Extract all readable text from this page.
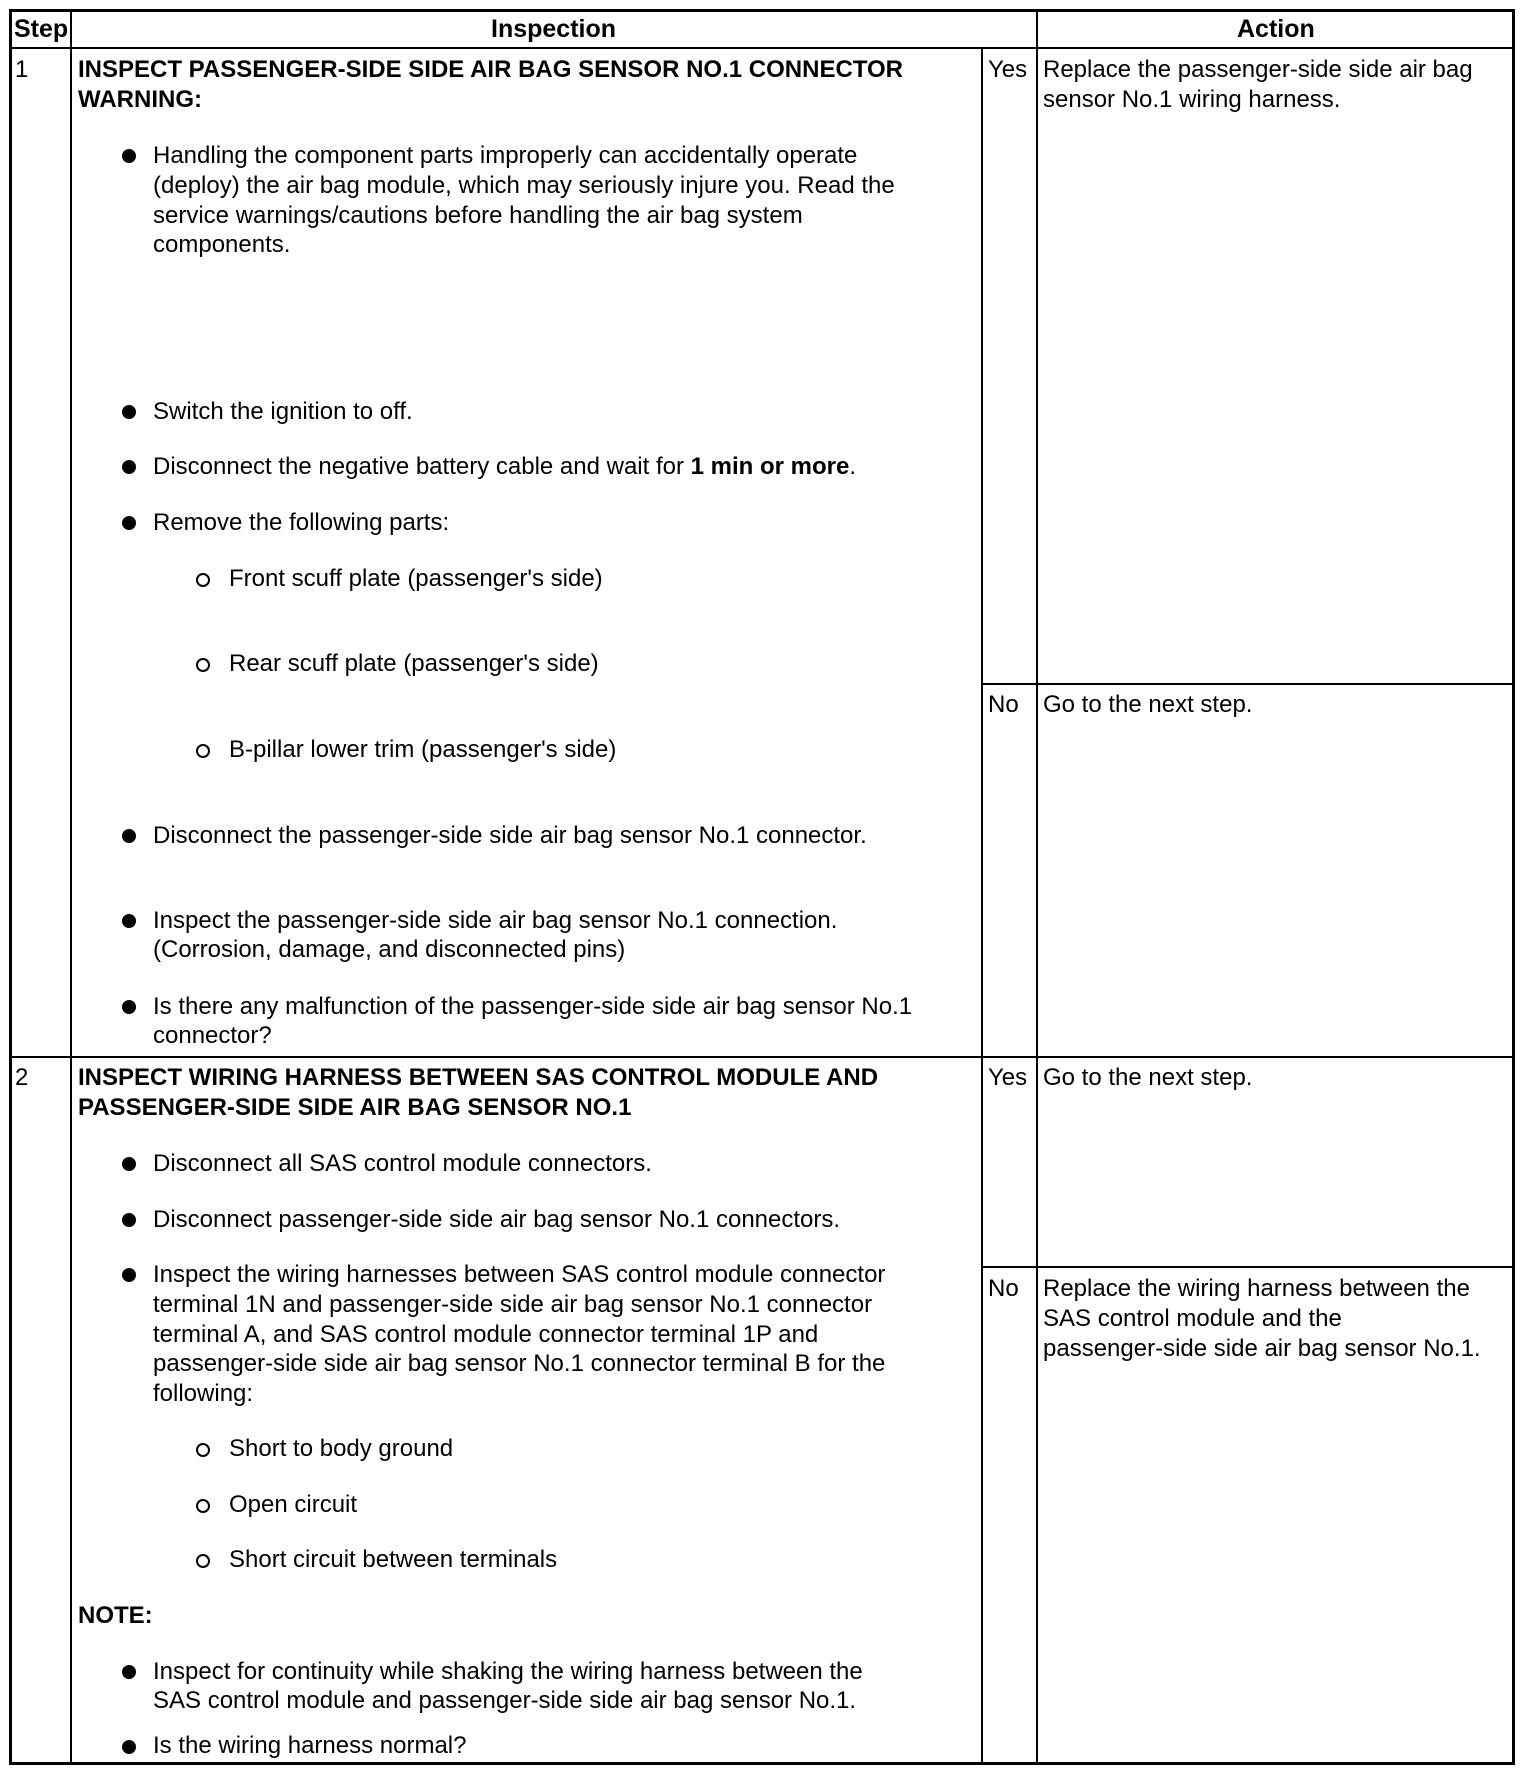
Step	Inspection	Action
1 INSPECT PASSENGER-SIDE SIDE AIR BAG SENSOR NO.1 CONNECTOR
WARNING:
Handling the component parts improperly can accidentally operate
(deploy) the air bag module, which may seriously injure you. Read the
service warnings/cautions before handling the air bag system
components.
Switch the ignition to off.
Disconnect the negative battery cable and wait for 1 min or more.
Remove the following parts:
Front scuff plate (passenger's side)
Rear scuff plate (passenger's side)
B-pillar lower trim (passenger's side)
Disconnect the passenger-side side air bag sensor No.1 connector.
Inspect the passenger-side side air bag sensor No.1 connection.
(Corrosion, damage, and disconnected pins)
Is there any malfunction of the passenger-side side air bag sensor No.1
connector?
Yes Replace the passenger-side side air bag
sensor No.1 wiring harness.
No Go to the next step.
2 INSPECT WIRING HARNESS BETWEEN SAS CONTROL MODULE AND
PASSENGER-SIDE SIDE AIR BAG SENSOR NO.1
Disconnect all SAS control module connectors.
Disconnect passenger-side side air bag sensor No.1 connectors.
Inspect the wiring harnesses between SAS control module connector
terminal 1N and passenger-side side air bag sensor No.1 connector
terminal A, and SAS control module connector terminal 1P and
passenger-side side air bag sensor No.1 connector terminal B for the
following:
Short to body ground
Open circuit
Short circuit between terminals
NOTE:
Inspect for continuity while shaking the wiring harness between the
SAS control module and passenger-side side air bag sensor No.1.
Is the wiring harness normal?
Yes Go to the next step.
No Replace the wiring harness between the
SAS control module and the
passenger-side side air bag sensor No.1.
